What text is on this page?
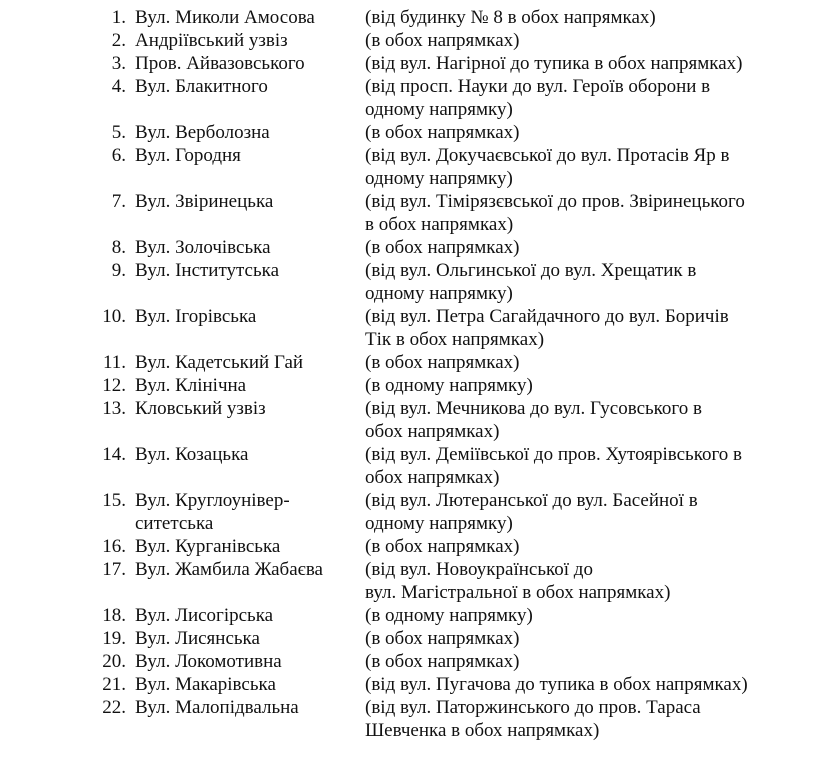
1. Вул. Миколи Амосова	(від будинку № 8 в обох напрямках)
2. Андріївський узвіз	(в обох напрямках)
3. Пров. Айвазовського	(від вул. Нагірної до тупика в обох напрямках)
4. Вул. Блакитного	(від просп. Науки до вул. Героїв оборони в
одному напрямку)
5. Вул. Верболозна	(в обох напрямках)
6. Вул. Городня	(від вул. Докучаєвської до вул. Протасів Яр в
одному напрямку)
7. Вул. Звіринецька	(від вул. Тімірязєвської до пров. Звіринецького
в обох напрямках)
8. Вул. Золочівська	(в обох напрямках)
9. Вул. Інститутська	(від вул. Ольгинської до вул. Хрещатик в
одному напрямку)
10. Вул. Ігорівська	(від вул. Петра Сагайдачного до вул. Боричів
Тік в обох напрямках)
11. Вул. Кадетський Гай	(в обох напрямках)
12. Вул. Клінічна	(в одному напрямку)
13. Кловський узвіз	(від вул. Мечникова до вул. Гусовського в
обох напрямках)
14. Вул. Козацька	(від вул. Деміївської до пров. Хутоярівського в
обох напрямках)
15. Вул. Круглоунівер-
ситетська
(від вул. Лютеранської до вул. Басейної в
одному напрямку)
16. Вул. Курганівська	(в обох напрямках)
17. Вул. Жамбила Жабаєва	(від вул. Новоукраїнської до
вул. Магістральної в обох напрямках)
18. Вул. Лисогірська	(в одному напрямку)
19. Вул. Лисянська	(в обох напрямках)
20. Вул. Локомотивна	(в обох напрямках)
21. Вул. Макарівська	(від вул. Пугачова до тупика в обох напрямках)
22. Вул. Малопідвальна	(від вул. Паторжинського до пров. Тараса
Шевченка в обох напрямках)
